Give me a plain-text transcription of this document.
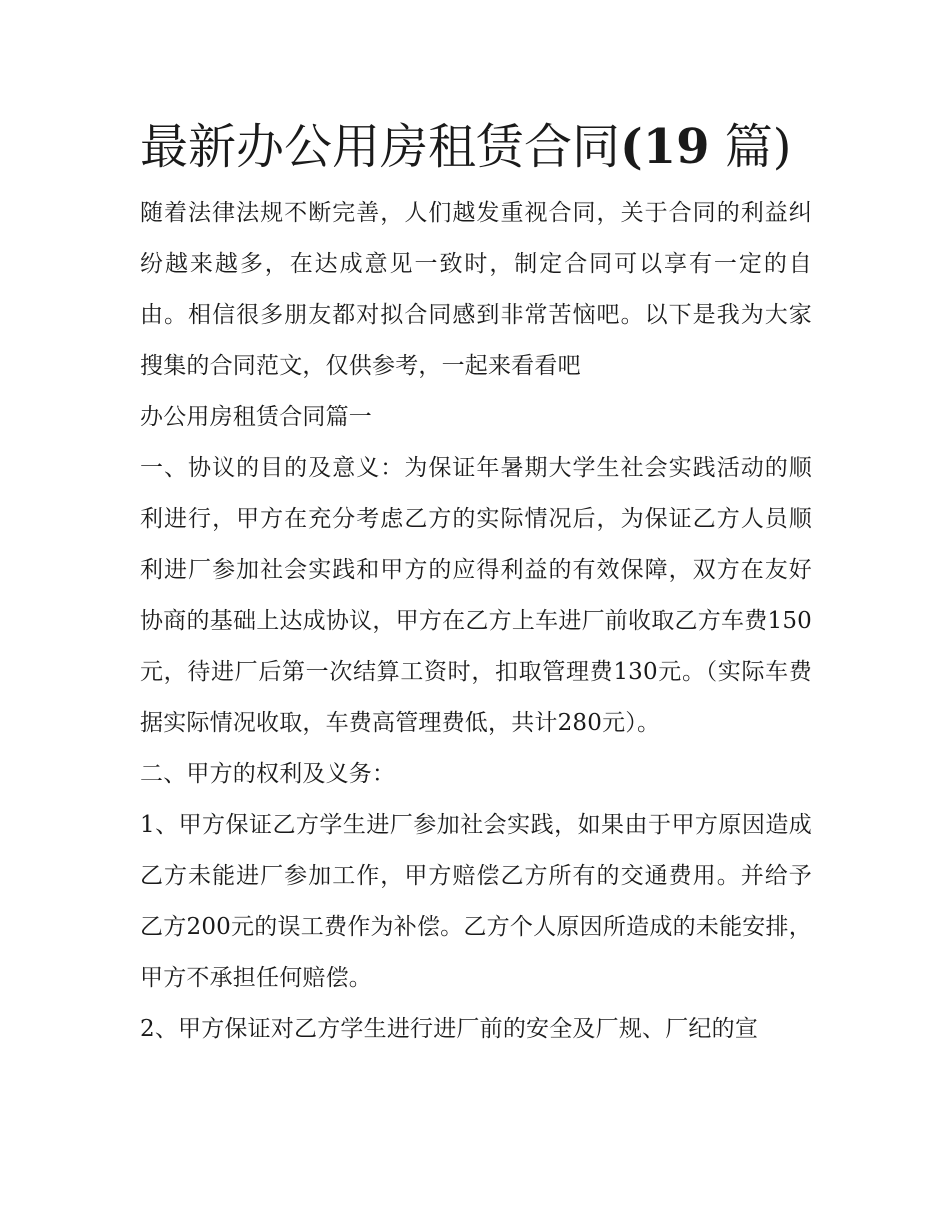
最新办公用房租赁合同(19 篇)

随着法律法规不断完善，人们越发重视合同，关于合同的利益纠纷越来越多，在达成意见一致时，制定合同可以享有一定的自由。相信很多朋友都对拟合同感到非常苦恼吧。以下是我为大家搜集的合同范文，仅供参考，一起来看看吧

办公用房租赁合同篇一

一、协议的目的及意义：为保证年暑期大学生社会实践活动的顺利进行，甲方在充分考虑乙方的实际情况后，为保证乙方人员顺利进厂参加社会实践和甲方的应得利益的有效保障，双方在友好协商的基础上达成协议，甲方在乙方上车进厂前收取乙方车费150元，待进厂后第一次结算工资时，扣取管理费130元。（实际车费据实际情况收取，车费高管理费低，共计280元）。

二、甲方的权利及义务：

1、甲方保证乙方学生进厂参加社会实践，如果由于甲方原因造成乙方未能进厂参加工作，甲方赔偿乙方所有的交通费用。并给予乙方200元的误工费作为补偿。乙方个人原因所造成的未能安排，甲方不承担任何赔偿。

2、甲方保证对乙方学生进行进厂前的安全及厂规、厂纪的宣
